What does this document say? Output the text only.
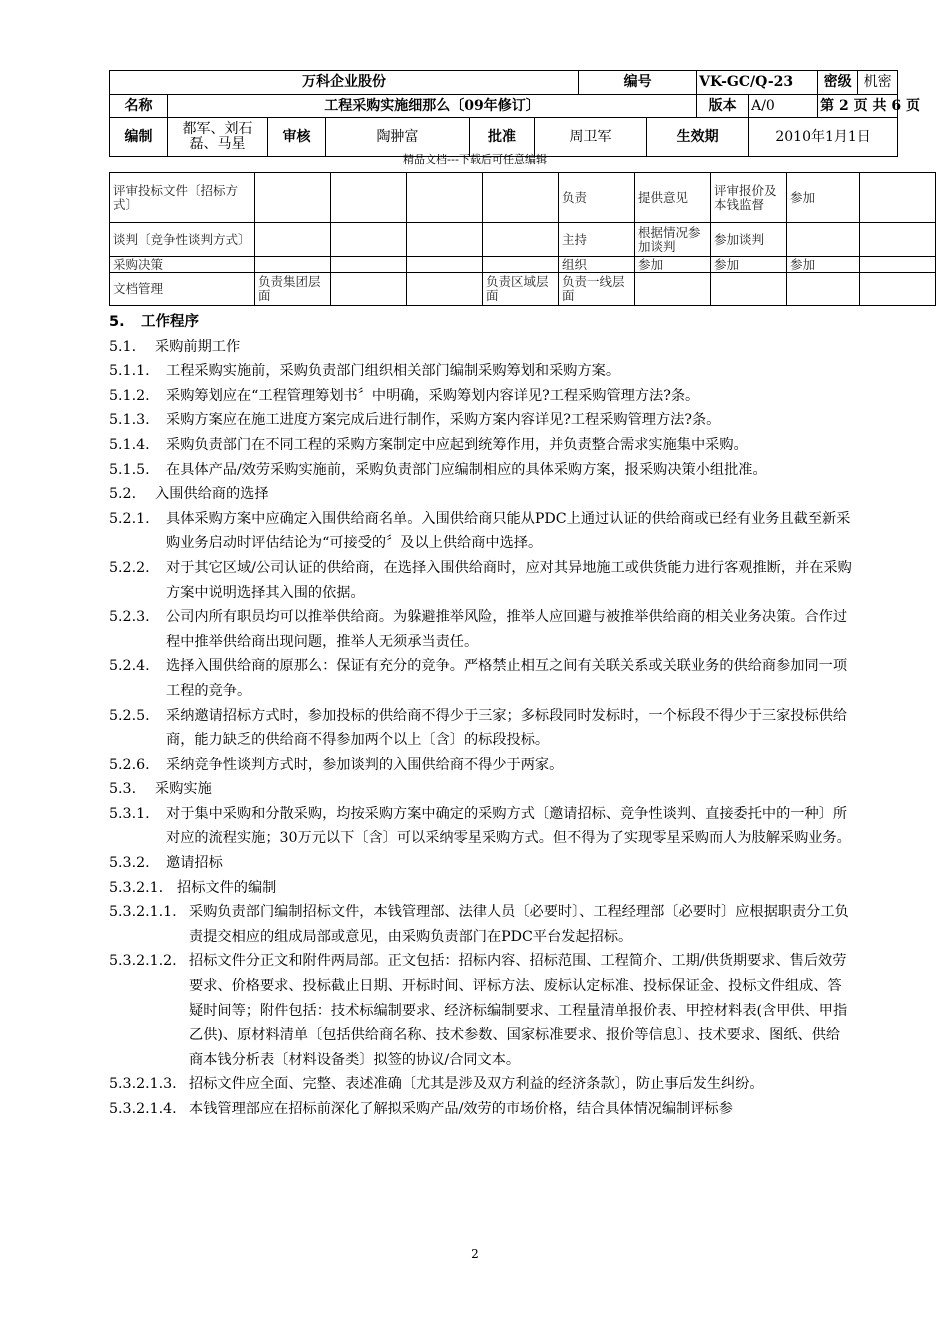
万科企业股份						编号		VK-GC/Q-23		密级 机密

名称	工程采购实施细那么〔09年修订〕							版本	A/0	第 2 页 共 6 页
编制	都军、刘石磊、马星	审核	陶翀富	批准	周卫军		生效期		2010年1月1日	
精品文档---下载后可任意编辑
评审投标文件〔招标方式〕					负责	提供意见	评审报价及本钱监督	参加	
谈判〔竞争性谈判方式〕					主持	根据情况参加谈判	参加谈判		
采购决策					组织	参加	参加	参加	
文档管理	负责集团层面			负责区域层面	负责一线层面				
5.	工作程序
5.1.	采购前期工作
5.1.1.	工程采购实施前，采购负责部门组织相关部门编制采购筹划和采购方案。
5.1.2.	采购筹划应在“工程管理筹划书〞中明确，采购筹划内容详见?工程采购管理方法?条。
5.1.3.	采购方案应在施工进度方案完成后进行制作，采购方案内容详见?工程采购管理方法?条。
5.1.4.	采购负责部门在不同工程的采购方案制定中应起到统筹作用，并负责整合需求实施集中采购。
5.1.5.	在具体产品/效劳采购实施前，采购负责部门应编制相应的具体采购方案，报采购决策小组批准。
5.2.	入围供给商的选择
5.2.1.	具体采购方案中应确定入围供给商名单。入围供给商只能从PDC上通过认证的供给商或已经有业务且截至新采购业务启动时评估结论为“可接受的〞及以上供给商中选择。
5.2.2.	对于其它区域/公司认证的供给商，在选择入围供给商时，应对其异地施工或供货能力进行客观推断，并在采购方案中说明选择其入围的依据。
5.2.3.	公司内所有职员均可以推举供给商。为躲避推举风险，推举人应回避与被推举供给商的相关业务决策。合作过程中推举供给商出现问题，推举人无须承当责任。
5.2.4.	选择入围供给商的原那么：保证有充分的竞争。严格禁止相互之间有关联关系或关联业务的供给商参加同一项工程的竞争。
5.2.5.	采纳邀请招标方式时，参加投标的供给商不得少于三家；多标段同时发标时，一个标段不得少于三家投标供给商，能力缺乏的供给商不得参加两个以上〔含〕的标段投标。
5.2.6.	采纳竞争性谈判方式时，参加谈判的入围供给商不得少于两家。
5.3.	采购实施
5.3.1.	对于集中采购和分散采购，均按采购方案中确定的采购方式〔邀请招标、竞争性谈判、直接委托中的一种〕所对应的流程实施；30万元以下〔含〕可以采纳零星采购方式。但不得为了实现零星采购而人为肢解采购业务。
5.3.2.	邀请招标
5.3.2.1. 招标文件的编制
5.3.2.1.1. 采购负责部门编制招标文件，本钱管理部、法律人员〔必要时〕、工程经理部〔必要时〕应根据职责分工负责提交相应的组成局部或意见，由采购负责部门在PDC平台发起招标。
5.3.2.1.2. 招标文件分正文和附件两局部。正文包括：招标内容、招标范围、工程简介、工期/供货期要求、售后效劳要求、价格要求、投标截止日期、开标时间、评标方法、废标认定标准、投标保证金、投标文件组成、答疑时间等；附件包括：技术标编制要求、经济标编制要求、工程量清单报价表、甲控材料表(含甲供、甲指乙供)、原材料清单〔包括供给商名称、技术参数、国家标准要求、报价等信息〕、技术要求、图纸、供给商本钱分析表〔材料设备类〕拟签的协议/合同文本。
5.3.2.1.3. 招标文件应全面、完整、表述准确〔尤其是涉及双方利益的经济条款〕，防止事后发生纠纷。
5.3.2.1.4. 本钱管理部应在招标前深化了解拟采购产品/效劳的市场价格，结合具体情况编制评标参
2
